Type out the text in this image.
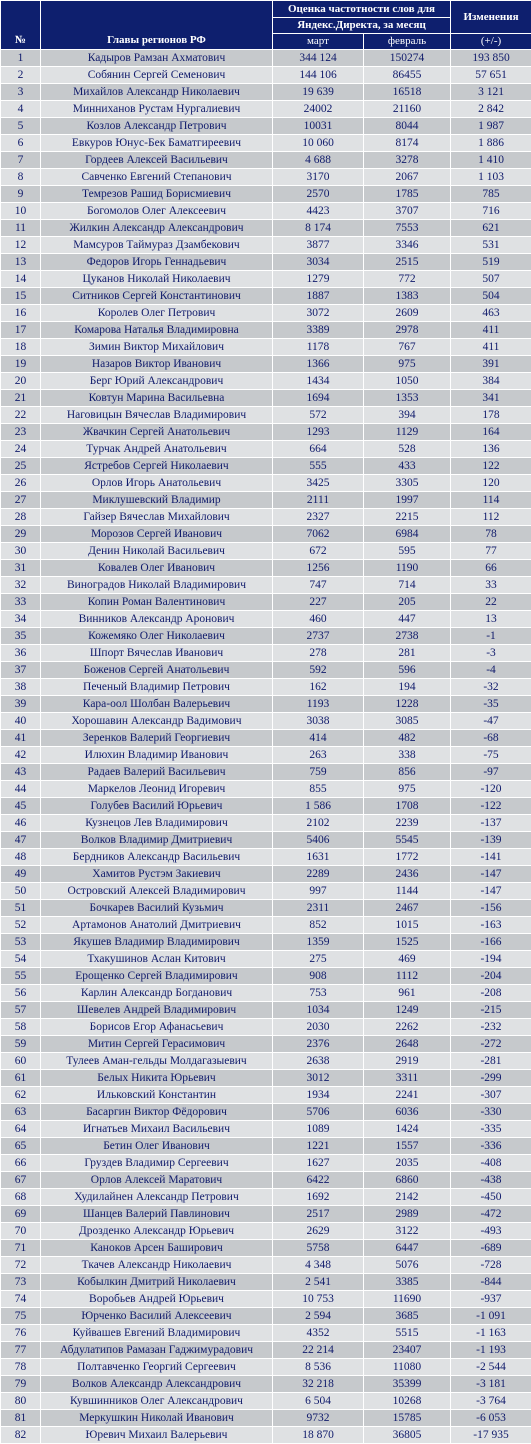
№	Главы регионов РФ	Оценка частотности слов для		Изменения
		Яндекс.Директа, за месяц		
		март	февраль	(+/-)
1	Кадыров Рамзан Ахматович	344 124	150274	193 850
2	Собянин Сергей Семенович	144 106	86455	57 651
3	Михайлов Александр Николаевич	19 639	16518	3 121
4	Минниханов Рустам Нургалиевич	24002	21160	2 842
5	Козлов Александр Петрович	10031	8044	1 987
6	Евкуров Юнус-Бек Баматгиреевич	10 060	8174	1 886
7	Гордеев Алексей Васильевич	4 688	3278	1 410
8	Савченко Евгений Степанович	3170	2067	1 103
9	Темрезов Рашид Борисмиевич	2570	1785	785
10	Богомолов Олег Алексеевич	4423	3707	716
11	Жилкин Александр Александрович	8 174	7553	621
12	Мамсуров Таймураз Дзамбекович	3877	3346	531
13	Федоров Игорь Геннадьевич	3034	2515	519
14	Цуканов Николай Николаевич	1279	772	507
15	Ситников Сергей Константинович	1887	1383	504
16	Королев Олег Петрович	3072	2609	463
17	Комарова Наталья Владимировна	3389	2978	411
18	Зимин Виктор Михайлович	1178	767	411
19	Назаров Виктор Иванович	1366	975	391
20	Берг Юрий Александрович	1434	1050	384
21	Ковтун Марина Васильевна	1694	1353	341
22	Наговицын Вячеслав Владимирович	572	394	178
23	Жвачкин Сергей Анатольевич	1293	1129	164
24	Турчак Андрей Анатольевич	664	528	136
25	Ястребов Сергей Николаевич	555	433	122
26	Орлов Игорь Анатольевич	3425	3305	120
27	Миклушевский Владимир	2111	1997	114
28	Гайзер Вячеслав Михайлович	2327	2215	112
29	Морозов Сергей Иванович	7062	6984	78
30	Денин Николай Васильевич	672	595	77
31	Ковалев Олег Иванович	1256	1190	66
32	Виноградов Николай Владимирович	747	714	33
33	Копин Роман Валентинович	227	205	22
34	Винников Александр Аронович	460	447	13
35	Кожемяко Олег Николаевич	2737	2738	-1
36	Шпорт Вячеслав Иванович	278	281	-3
37	Боженов Сергей Анатольевич	592	596	-4
38	Печеный Владимир Петрович	162	194	-32
39	Кара-оол Шолбан Валерьевич	1193	1228	-35
40	Хорошавин Александр Вадимович	3038	3085	-47
41	Зеренков Валерий Георгиевич	414	482	-68
42	Илюхин Владимир Иванович	263	338	-75
43	Радаев Валерий Васильевич	759	856	-97
44	Маркелов Леонид Игоревич	855	975	-120
45	Голубев Василий Юрьевич	1 586	1708	-122
46	Кузнецов Лев Владимирович	2102	2239	-137
47	Волков Владимир Дмитриевич	5406	5545	-139
48	Бердников Александр Васильевич	1631	1772	-141
49	Хамитов Рустэм Закиевич	2289	2436	-147
50	Островский Алексей Владимирович	997	1144	-147
51	Бочкарев Василий Кузьмич	2311	2467	-156
52	Артамонов Анатолий Дмитриевич	852	1015	-163
53	Якушев Владимир Владимирович	1359	1525	-166
54	Тхакушинов Аслан Китович	275	469	-194
55	Ерощенко Сергей Владимирович	908	1112	-204
56	Карлин Александр Богданович	753	961	-208
57	Шевелев Андрей Владимирович	1034	1249	-215
58	Борисов Егор Афанасьевич	2030	2262	-232
59	Митин Сергей Герасимович	2376	2648	-272
60	Тулеев Аман-гельды Молдагазыевич	2638	2919	-281
61	Белых Никита Юрьевич	3012	3311	-299
62	Ильковский Константин	1934	2241	-307
63	Басаргин Виктор Фёдорович	5706	6036	-330
64	Игнатьев Михаил Васильевич	1089	1424	-335
65	Бетин Олег Иванович	1221	1557	-336
66	Груздев Владимир Сергеевич	1627	2035	-408
67	Орлов Алексей Маратович	6422	6860	-438
68	Худилайнен Александр Петрович	1692	2142	-450
69	Шанцев Валерий Павлинович	2517	2989	-472
70	Дрозденко Александр Юрьевич	2629	3122	-493
71	Каноков Арсен Баширович	5758	6447	-689
72	Ткачев Александр Николаевич	4 348	5076	-728
73	Кобылкин Дмитрий Николаевич	2 541	3385	-844
74	Воробьев Андрей Юрьевич	10 753	11690	-937
75	Юрченко Василий Алексеевич	2 594	3685	-1 091
76	Куйвашев Евгений Владимирович	4352	5515	-1 163
77	Абдулатипов Рамазан Гаджимурадович	22 214	23407	-1 193
78	Полтавченко Георгий Сергеевич	8 536	11080	-2 544
79	Волков Александр Александрович	32 218	35399	-3 181
80	Кувшинников Олег Александрович	6 504	10268	-3 764
81	Меркушкин Николай Иванович	9732	15785	-6 053
82	Юревич Михаил Валерьевич	18 870	36805	-17 935
